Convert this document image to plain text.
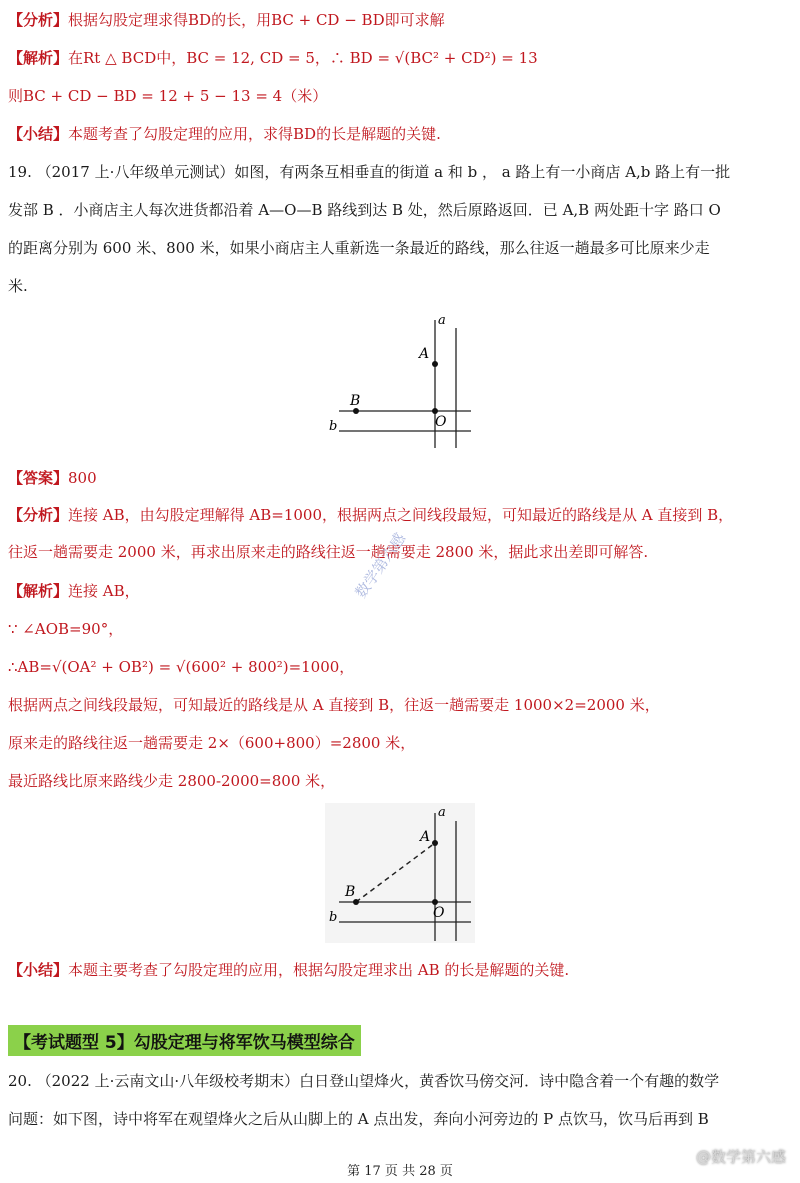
【分析】根据勾股定理求得BD的长，用BC + CD − BD即可求解
【解析】在Rt △ BCD中，BC = 12, CD = 5，∴ BD = √(BC² + CD²) = 13
则BC + CD − BD = 12 + 5 − 13 = 4（米）
【小结】本题考查了勾股定理的应用，求得BD的长是解题的关键.
19. （2017 上·八年级单元测试）如图，有两条互相垂直的街道 a 和 b ， a 路上有一小商店 A,b 路上有一批
发部 B ．小商店主人每次进货都沿着 A—O—B 路线到达 B 处，然后原路返回．已 A,B 两处距十字 路口 O
的距离分别为 600 米、800 米，如果小商店主人重新选一条最近的路线，那么往返一趟最多可比原来少走
米.
a
A
B
b	O
【答案】800
【分析】连接 AB，由勾股定理解得 AB=1000，根据两点之间线段最短，可知最近的路线是从 A 直接到 B，
往返一趟需要走 2000 米，再求出原来走的路线往返一趟需要走 2800 米，据此求出差即可解答.
【解析】连接 AB，
∵ ∠AOB=90°，
∴AB=√(OA² + OB²) = √(600² + 800²)=1000，
根据两点之间线段最短，可知最近的路线是从 A 直接到 B，往返一趟需要走 1000×2=2000 米，
原来走的路线往返一趟需要走 2×（600+800）=2800 米，
最近路线比原来路线少走 2800-2000=800 米，
数学第六感
a
A
B
b	O
【小结】本题主要考查了勾股定理的应用，根据勾股定理求出 AB 的长是解题的关键.
【考试题型 5】勾股定理与将军饮马模型综合
20. （2022 上·云南文山·八年级校考期末）白日登山望烽火，黄香饮马傍交河．诗中隐含着一个有趣的数学
问题：如下图，诗中将军在观望烽火之后从山脚上的 A 点出发，奔向小河旁边的 P 点饮马，饮马后再到 B
第 17 页 共 28 页
@数学第六感
